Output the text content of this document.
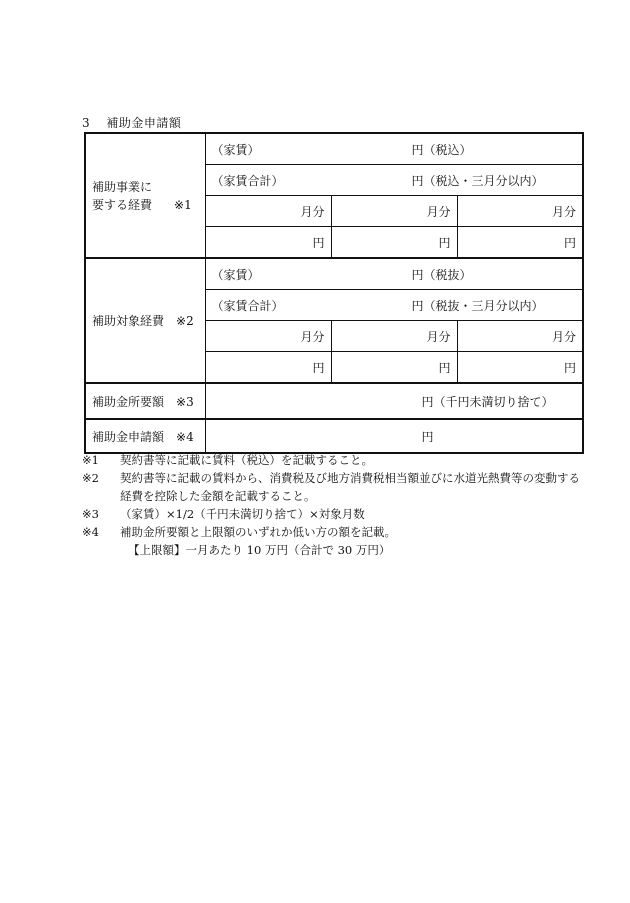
3 補助金申請額
補助事業に
要する経費 ※1	（家賃） 円（税込）		

	（家賃合計） 円（税込・三月分以内）		

	月分	月分	月分
	円	円	円
補助対象経費 ※2	（家賃） 円（税抜）		

	（家賃合計） 円（税抜・三月分以内）		

	月分	月分	月分
	円	円	円
補助金所要額 ※3	円（千円未満切り捨て）		
補助金申請額 ※4	円		
※1 契約書等に記載に賃料（税込）を記載すること。
※2 契約書等に記載の賃料から、消費税及び地方消費税相当額並びに水道光熱費等の変動する経費を控除した金額を記載すること。
※3 （家賃）×1/2（千円未満切り捨て）×対象月数
※4 補助金所要額と上限額のいずれか低い方の額を記載。
【上限額】一月あたり 10 万円（合計で 30 万円）
